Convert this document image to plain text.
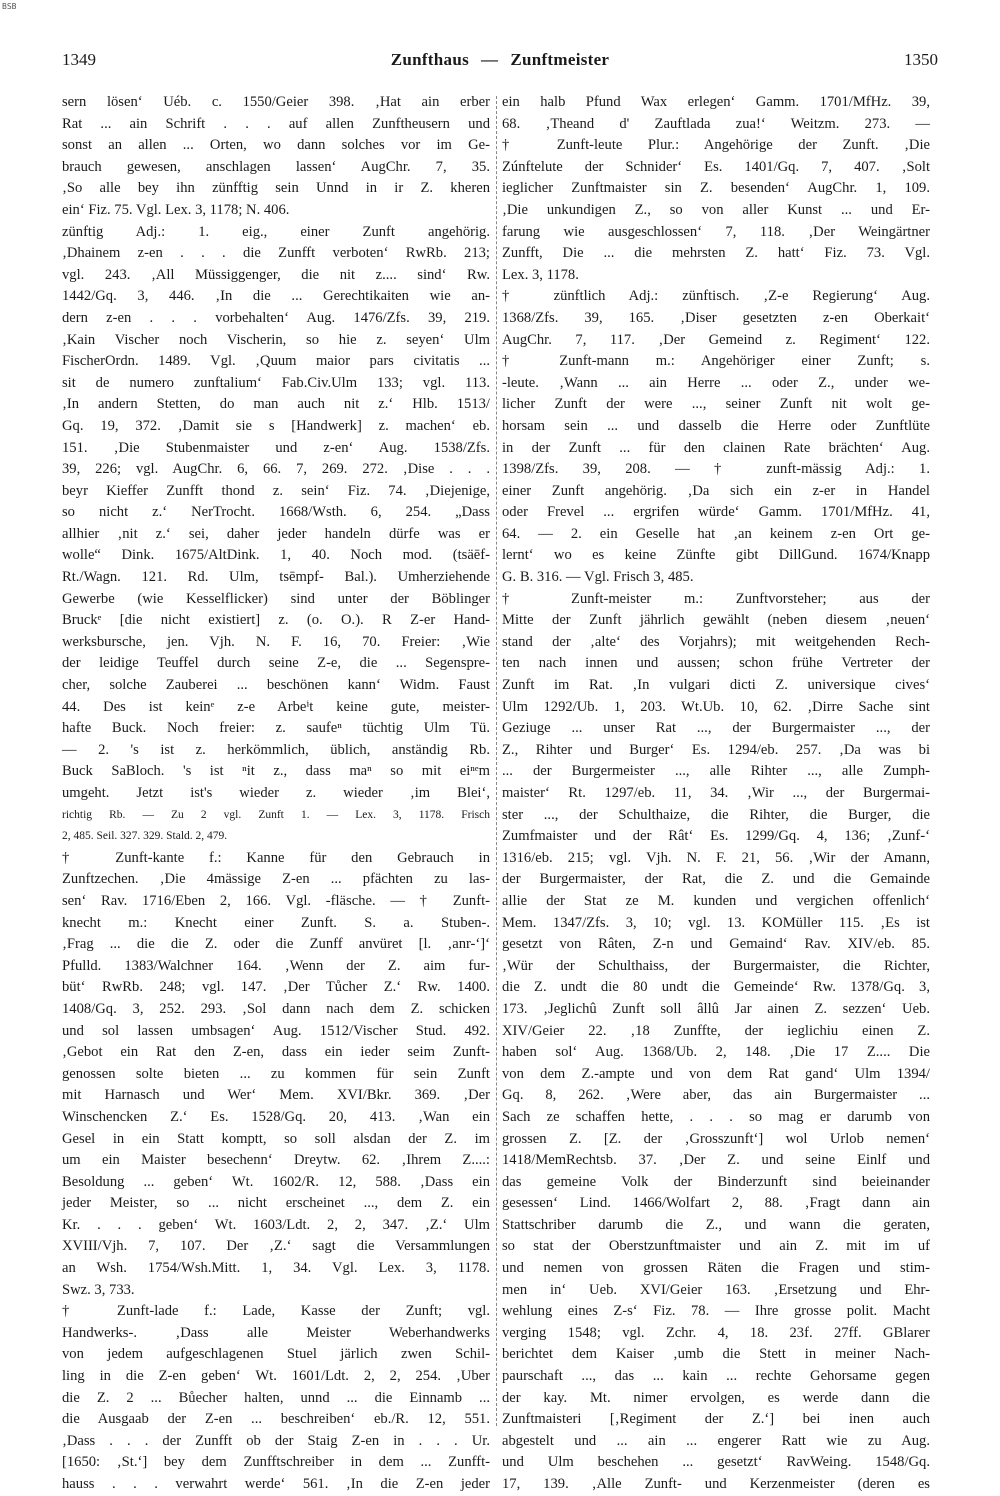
BSB
1349	Zunfthaus — Zunftmeister	1350
sern lösen‘ Uéb. c. 1550/Geier 398. ‚Hat ain erber
Rat ... ain Schrift . . . auf allen Zunftheusern und
sonst an allen ... Orten, wo dann solches vor im Ge-
brauch gewesen, anschlagen lassen‘ AugChr. 7, 35.
‚So alle bey ihn zünfftig sein Unnd in ir Z. kheren
ein‘ Fiz. 75. Vgl. Lex. 3, 1178; N. 406.
zünftig Adj.: 1. eig., einer Zunft angehörig.
‚Dhainem z-en . . . die Zunfft verboten‘ RwRb. 213;
vgl. 243. ‚All Müssiggenger, die nit z.... sind‘ Rw.
1442/Gq. 3, 446. ‚In die ... Gerechtikaiten wie an-
dern z-en . . . vorbehalten‘ Aug. 1476/Zfs. 39, 219.
‚Kain Vischer noch Vischerin, so hie z. seyen‘ Ulm
FischerOrdn. 1489. Vgl. ‚Quum maior pars civitatis ...
sit de numero zunftalium‘ Fab.Civ.Ulm 133; vgl. 113.
‚In andern Stetten, do man auch nit z.‘ Hlb. 1513/
Gq. 19, 372. ‚Damit sie s [Handwerk] z. machen‘ eb.
151. ‚Die Stubenmaister und z-en‘ Aug. 1538/Zfs.
39, 226; vgl. AugChr. 6, 66. 7, 269. 272. ‚Dise . . .
beyr Kieffer Zunfft thond z. sein‘ Fiz. 74. ‚Diejenige,
so nicht z.‘ NerTrocht. 1668/Wsth. 6, 254. „Dass
allhier ‚nit z.‘ sei, daher jeder handeln dürfe was er
wolle“ Dink. 1675/AltDink. 1, 40. Noch mod. (tsäēf-
Rt./Wagn. 121. Rd. Ulm, tsēmpf- Bal.). Umherziehende
Gewerbe (wie Kesselflicker) sind unter der Böblinger
Bruckᵉ [die nicht existiert] z. (o. O.). R Z-er Hand-
werksbursche, jen. Vjh. N. F. 16, 70. Freier: ‚Wie
der leidige Teuffel durch seine Z-e, die ... Segenspre-
cher, solche Zauberei ... beschönen kann‘ Widm. Faust
44. Des ist keinᵉ z-e Arbeⁱt keine gute, meister-
hafte Buck. Noch freier: z. saufeⁿ tüchtig Ulm Tü.
— 2. 's ist z. herkömmlich, üblich, anständig Rb.
Buck SaBloch. 's ist ⁿit z., dass maⁿ so mit eiⁿᵉm
umgeht. Jetzt ist's wieder z. wieder ‚im Blei‘,
richtig Rb. — Zu 2 vgl. Zunft 1. — Lex. 3, 1178. Frisch
2, 485. Seil. 327. 329. Stald. 2, 479.
† Zunft-kante f.: Kanne für den Gebrauch in
Zunftzechen. ‚Die 4mässige Z-en ... pfächten zu las-
sen‘ Rav. 1716/Eben 2, 166. Vgl. -fläsche. — † Zunft-
knecht m.: Knecht einer Zunft. S. a. Stuben-.
‚Frag ... die die Z. oder die Zunff anvüret [l. ‚anr-‘]‘
Pfulld. 1383/Walchner 164. ‚Wenn der Z. aim fur-
büt‘ RwRb. 248; vgl. 147. ‚Der Tůcher Z.‘ Rw. 1400.
1408/Gq. 3, 252. 293. ‚Sol dann nach dem Z. schicken
und sol lassen umbsagen‘ Aug. 1512/Vischer Stud. 492.
‚Gebot ein Rat den Z-en, dass ein ieder seim Zunft-
genossen solte bieten ... zu kommen für sein Zunft
mit Harnasch und Wer‘ Mem. XVI/Bkr. 369. ‚Der
Winschencken Z.‘ Es. 1528/Gq. 20, 413. ‚Wan ein
Gesel in ein Statt komptt, so soll alsdan der Z. im
um ein Maister besechenn‘ Dreytw. 62. ‚Ihrem Z....:
Besoldung ... geben‘ Wt. 1602/R. 12, 588. ‚Dass ein
jeder Meister, so ... nicht erscheinet ..., dem Z. ein
Kr. . . . geben‘ Wt. 1603/Ldt. 2, 2, 347. ‚Z.‘ Ulm
XVIII/Vjh. 7, 107. Der ‚Z.‘ sagt die Versammlungen
an Wsh. 1754/Wsh.Mitt. 1, 34. Vgl. Lex. 3, 1178.
Swz. 3, 733.
† Zunft-lade f.: Lade, Kasse der Zunft; vgl.
Handwerks-. ‚Dass alle Meister Weberhandwerks
von jedem aufgeschlagenen Stuel järlich zwen Schil-
ling in die Z-en geben‘ Wt. 1601/Ldt. 2, 2, 254. ‚Uber
die Z. 2 ... Bůecher halten, unnd ... die Einnamb ...
die Ausgaab der Z-en ... beschreiben‘ eb./R. 12, 551.
‚Dass . . . der Zunfft ob der Staig Z-en in . . . Ur.
[1650: ‚St.‘] bey dem Zunfftschreiber in dem ... Zunfft-
hauss . . . verwahrt werde‘ 561. ‚In die Z-en jeder
ein halb Pfund Wax erlegen‘ Gamm. 1701/MfHz. 39,
68. ‚Theand d' Zauftlada zua!‘ Weitzm. 273. —
† Zunft-leute Plur.: Angehörige der Zunft. ‚Die
Zúnftelute der Schnider‘ Es. 1401/Gq. 7, 407. ‚Solt
ieglicher Zunftmaister sin Z. besenden‘ AugChr. 1, 109.
‚Die unkundigen Z., so von aller Kunst ... und Er-
farung wie ausgeschlossen‘ 7, 118. ‚Der Weingärtner
Zunfft, Die ... die mehrsten Z. hatt‘ Fiz. 73. Vgl.
Lex. 3, 1178.
† zünftlich Adj.: zünftisch. ‚Z-e Regierung‘ Aug.
1368/Zfs. 39, 165. ‚Diser gesetzten z-en Oberkait‘
AugChr. 7, 117. ‚Der Gemeind z. Regiment‘ 122.
† Zunft-mann m.: Angehöriger einer Zunft; s.
-leute. ‚Wann ... ain Herre ... oder Z., under we-
licher Zunft der were ..., seiner Zunft nit wolt ge-
horsam sein ... und dasselb die Herre oder Zunftlüte
in der Zunft ... für den clainen Rate brächten‘ Aug.
1398/Zfs. 39, 208. — † zunft-mässig Adj.: 1.
einer Zunft angehörig. ‚Da sich ein z-er in Handel
oder Frevel ... ergrifen würde‘ Gamm. 1701/MfHz. 41,
64. — 2. ein Geselle hat ‚an keinem z-en Ort ge-
lernt‘ wo es keine Zünfte gibt DillGund. 1674/Knapp
G. B. 316. — Vgl. Frisch 3, 485.
† Zunft-meister m.: Zunftvorsteher; aus der
Mitte der Zunft jährlich gewählt (neben diesem ‚neuen‘
stand der ‚alte‘ des Vorjahrs); mit weitgehenden Rech-
ten nach innen und aussen; schon frühe Vertreter der
Zunft im Rat. ‚In vulgari dicti Z. universique cives‘
Ulm 1292/Ub. 1, 203. Wt.Ub. 10, 62. ‚Dirre Sache sint
Geziuge ... unser Rat ..., der Burgermaister ..., der
Z., Rihter und Burger‘ Es. 1294/eb. 257. ‚Da was bi
... der Burgermeister ..., alle Rihter ..., alle Zumph-
maister‘ Rt. 1297/eb. 11, 34. ‚Wir ..., der Burgermai-
ster ..., der Schulthaize, die Rihter, die Burger, die
Zumfmaister und der Rât‘ Es. 1299/Gq. 4, 136; ‚Zunf-‘
1316/eb. 215; vgl. Vjh. N. F. 21, 56. ‚Wir der Amann,
der Burgermaister, der Rat, die Z. und die Gemainde
allie der Stat ze M. kunden und vergichen offenlich‘
Mem. 1347/Zfs. 3, 10; vgl. 13. KOMüller 115. ‚Es ist
gesetzt von Râten, Z-n und Gemaind‘ Rav. XIV/eb. 85.
‚Wür der Schulthaiss, der Burgermaister, die Richter,
die Z. undt die 80 undt die Gemeinde‘ Rw. 1378/Gq. 3,
173. ‚Jeglichû Zunft soll âllû Jar ainen Z. sezzen‘ Ueb.
XIV/Geier 22. ‚18 Zunffte, der ieglichiu einen Z.
haben sol‘ Aug. 1368/Ub. 2, 148. ‚Die 17 Z.... Die
von dem Z.-ampte und von dem Rat gand‘ Ulm 1394/
Gq. 8, 262. ‚Were aber, das ain Burgermaister ...
Sach ze schaffen hette, . . . so mag er darumb von
grossen Z. [Z. der ‚Grosszunft‘] wol Urlob nemen‘
1418/MemRechtsb. 37. ‚Der Z. und seine Einlf und
das gemeine Volk der Binderzunft sind beieinander
gesessen‘ Lind. 1466/Wolfart 2, 88. ‚Fragt dann ain
Stattschriber darumb die Z., und wann die geraten,
so stat der Oberstzunftmaister und ain Z. mit im uf
und nemen von grossen Räten die Fragen und stim-
men in‘ Ueb. XVI/Geier 163. ‚Ersetzung und Ehr-
wehlung eines Z-s‘ Fiz. 78. — Ihre grosse polit. Macht
verging 1548; vgl. Zchr. 4, 18. 23f. 27ff. GBlarer
berichtet dem Kaiser ‚umb die Stett in meiner Nach-
paurschaft ..., das ... kain ... rechte Gehorsame gegen
der kay. Mt. nimer ervolgen, es werde dann die
Zunftmaisteri [‚Regiment der Z.‘] bei inen auch
abgestelt und ... ain ... engerer Ratt wie zu Aug.
und Ulm beschehen ... gesetzt‘ RavWeing. 1548/Gq.
17, 139. ‚Alle Zunft- und Kerzenmeister (deren es
